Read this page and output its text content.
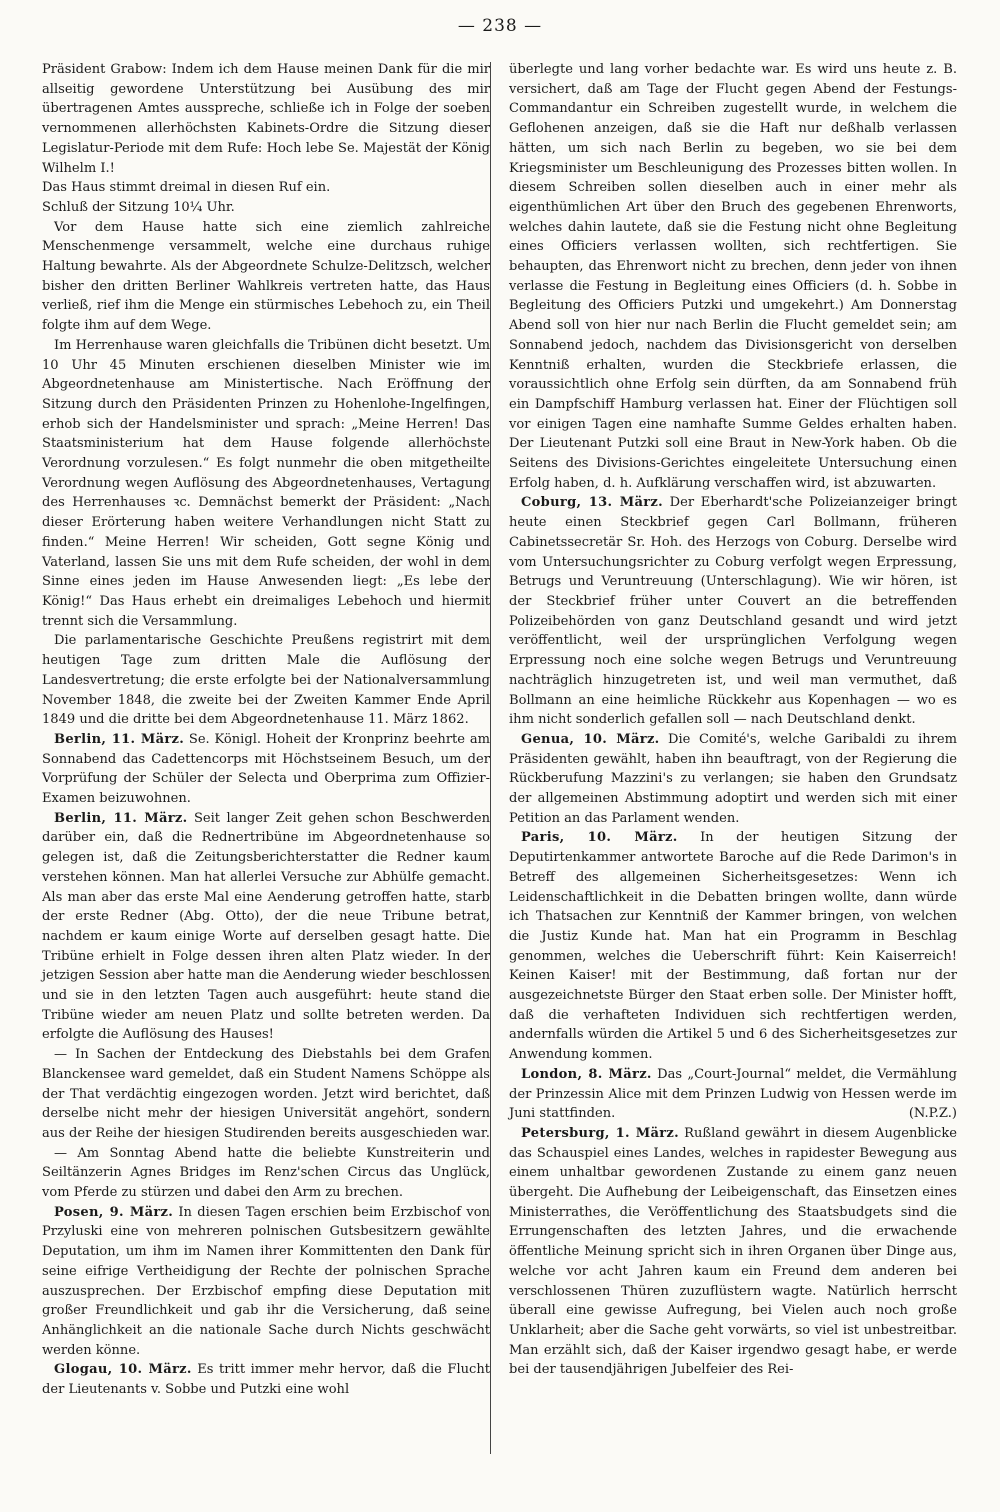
— 238 —

Präsident Grabow: Indem ich dem Hause meinen Dank für die mir allseitig gewordene Unterstützung bei Ausübung des mir übertragenen Amtes ausspreche, schließe ich in Folge der soeben vernommenen allerhöchsten Kabinets-Ordre die Sitzung dieser Legislatur-Periode mit dem Rufe: Hoch lebe Se. Majestät der König Wilhelm I.!

Das Haus stimmt dreimal in diesen Ruf ein.

Schluß der Sitzung 10¼ Uhr.

Vor dem Hause hatte sich eine ziemlich zahlreiche Menschenmenge versammelt, welche eine durchaus ruhige Haltung bewahrte. Als der Abgeordnete Schulze-Delitzsch, welcher bisher den dritten Berliner Wahlkreis vertreten hatte, das Haus verließ, rief ihm die Menge ein stürmisches Lebehoch zu, ein Theil folgte ihm auf dem Wege.

Im Herrenhause waren gleichfalls die Tribünen dicht besetzt. Um 10 Uhr 45 Minuten erschienen dieselben Minister wie im Abgeordnetenhause am Ministertische. Nach Eröffnung der Sitzung durch den Präsidenten Prinzen zu Hohenlohe-Ingelfingen, erhob sich der Handelsminister und sprach: „Meine Herren! Das Staatsministerium hat dem Hause folgende allerhöchste Verordnung vorzulesen.“ Es folgt nunmehr die oben mitgetheilte Verordnung wegen Auflösung des Abgeordnetenhauses, Vertagung des Herrenhauses ꝛc. Demnächst bemerkt der Präsident: „Nach dieser Erörterung haben weitere Verhandlungen nicht Statt zu finden.“ Meine Herren! Wir scheiden, Gott segne König und Vaterland, lassen Sie uns mit dem Rufe scheiden, der wohl in dem Sinne eines jeden im Hause Anwesenden liegt: „Es lebe der König!“ Das Haus erhebt ein dreimaliges Lebehoch und hiermit trennt sich die Versammlung.

Die parlamentarische Geschichte Preußens registrirt mit dem heutigen Tage zum dritten Male die Auflösung der Landesvertretung; die erste erfolgte bei der Nationalversammlung November 1848, die zweite bei der Zweiten Kammer Ende April 1849 und die dritte bei dem Abgeordnetenhause 11. März 1862.

Berlin, 11. März. Se. Königl. Hoheit der Kronprinz beehrte am Sonnabend das Cadettencorps mit Höchstseinem Besuch, um der Vorprüfung der Schüler der Selecta und Oberprima zum Offizier-Examen beizuwohnen.

Berlin, 11. März. Seit langer Zeit gehen schon Beschwerden darüber ein, daß die Rednertribüne im Abgeordnetenhause so gelegen ist, daß die Zeitungsberichterstatter die Redner kaum verstehen können. Man hat allerlei Versuche zur Abhülfe gemacht. Als man aber das erste Mal eine Aenderung getroffen hatte, starb der erste Redner (Abg. Otto), der die neue Tribune betrat, nachdem er kaum einige Worte auf derselben gesagt hatte. Die Tribüne erhielt in Folge dessen ihren alten Platz wieder. In der jetzigen Session aber hatte man die Aenderung wieder beschlossen und sie in den letzten Tagen auch ausgeführt: heute stand die Tribüne wieder am neuen Platz und sollte betreten werden. Da erfolgte die Auflösung des Hauses!

— In Sachen der Entdeckung des Diebstahls bei dem Grafen Blanckensee ward gemeldet, daß ein Student Namens Schöppe als der That verdächtig eingezogen worden. Jetzt wird berichtet, daß derselbe nicht mehr der hiesigen Universität angehört, sondern aus der Reihe der hiesigen Studirenden bereits ausgeschieden war.

— Am Sonntag Abend hatte die beliebte Kunstreiterin und Seiltänzerin Agnes Bridges im Renz'schen Circus das Unglück, vom Pferde zu stürzen und dabei den Arm zu brechen.

Posen, 9. März. In diesen Tagen erschien beim Erzbischof von Przyluski eine von mehreren polnischen Gutsbesitzern gewählte Deputation, um ihm im Namen ihrer Kommittenten den Dank für seine eifrige Vertheidigung der Rechte der polnischen Sprache auszusprechen. Der Erzbischof empfing diese Deputation mit großer Freundlichkeit und gab ihr die Versicherung, daß seine Anhänglichkeit an die nationale Sache durch Nichts geschwächt werden könne.

Glogau, 10. März. Es tritt immer mehr hervor, daß die Flucht der Lieutenants v. Sobbe und Putzki eine wohl

überlegte und lang vorher bedachte war. Es wird uns heute z. B. versichert, daß am Tage der Flucht gegen Abend der Festungs-Commandantur ein Schreiben zugestellt wurde, in welchem die Geflohenen anzeigen, daß sie die Haft nur deßhalb verlassen hätten, um sich nach Berlin zu begeben, wo sie bei dem Kriegsminister um Beschleunigung des Prozesses bitten wollen. In diesem Schreiben sollen dieselben auch in einer mehr als eigenthümlichen Art über den Bruch des gegebenen Ehrenworts, welches dahin lautete, daß sie die Festung nicht ohne Begleitung eines Officiers verlassen wollten, sich rechtfertigen. Sie behaupten, das Ehrenwort nicht zu brechen, denn jeder von ihnen verlasse die Festung in Begleitung eines Officiers (d. h. Sobbe in Begleitung des Officiers Putzki und umgekehrt.) Am Donnerstag Abend soll von hier nur nach Berlin die Flucht gemeldet sein; am Sonnabend jedoch, nachdem das Divisionsgericht von derselben Kenntniß erhalten, wurden die Steckbriefe erlassen, die voraussichtlich ohne Erfolg sein dürften, da am Sonnabend früh ein Dampfschiff Hamburg verlassen hat. Einer der Flüchtigen soll vor einigen Tagen eine namhafte Summe Geldes erhalten haben. Der Lieutenant Putzki soll eine Braut in New-York haben. Ob die Seitens des Divisions-Gerichtes eingeleitete Untersuchung einen Erfolg haben, d. h. Aufklärung verschaffen wird, ist abzuwarten.

Coburg, 13. März. Der Eberhardt'sche Polizeianzeiger bringt heute einen Steckbrief gegen Carl Bollmann, früheren Cabinetssecretär Sr. Hoh. des Herzogs von Coburg. Derselbe wird vom Untersuchungsrichter zu Coburg verfolgt wegen Erpressung, Betrugs und Veruntreuung (Unterschlagung). Wie wir hören, ist der Steckbrief früher unter Couvert an die betreffenden Polizeibehörden von ganz Deutschland gesandt und wird jetzt veröffentlicht, weil der ursprünglichen Verfolgung wegen Erpressung noch eine solche wegen Betrugs und Veruntreuung nachträglich hinzugetreten ist, und weil man vermuthet, daß Bollmann an eine heimliche Rückkehr aus Kopenhagen — wo es ihm nicht sonderlich gefallen soll — nach Deutschland denkt.

Genua, 10. März. Die Comité's, welche Garibaldi zu ihrem Präsidenten gewählt, haben ihn beauftragt, von der Regierung die Rückberufung Mazzini's zu verlangen; sie haben den Grundsatz der allgemeinen Abstimmung adoptirt und werden sich mit einer Petition an das Parlament wenden.

Paris, 10. März. In der heutigen Sitzung der Deputirtenkammer antwortete Baroche auf die Rede Darimon's in Betreff des allgemeinen Sicherheitsgesetzes: Wenn ich Leidenschaftlichkeit in die Debatten bringen wollte, dann würde ich Thatsachen zur Kenntniß der Kammer bringen, von welchen die Justiz Kunde hat. Man hat ein Programm in Beschlag genommen, welches die Ueberschrift führt: Kein Kaiserreich! Keinen Kaiser! mit der Bestimmung, daß fortan nur der ausgezeichnetste Bürger den Staat erben solle. Der Minister hofft, daß die verhafteten Individuen sich rechtfertigen werden, andernfalls würden die Artikel 5 und 6 des Sicherheitsgesetzes zur Anwendung kommen.

London, 8. März. Das „Court-Journal“ meldet, die Vermählung der Prinzessin Alice mit dem Prinzen Ludwig von Hessen werde im Juni stattfinden.	(N.P.Z.)

Petersburg, 1. März. Rußland gewährt in diesem Augenblicke das Schauspiel eines Landes, welches in rapidester Bewegung aus einem unhaltbar gewordenen Zustande zu einem ganz neuen übergeht. Die Aufhebung der Leibeigenschaft, das Einsetzen eines Ministerrathes, die Veröffentlichung des Staatsbudgets sind die Errungenschaften des letzten Jahres, und die erwachende öffentliche Meinung spricht sich in ihren Organen über Dinge aus, welche vor acht Jahren kaum ein Freund dem anderen bei verschlossenen Thüren zuzuflüstern wagte. Natürlich herrscht überall eine gewisse Aufregung, bei Vielen auch noch große Unklarheit; aber die Sache geht vorwärts, so viel ist unbestreitbar. Man erzählt sich, daß der Kaiser irgendwo gesagt habe, er werde bei der tausendjährigen Jubelfeier des Rei-
